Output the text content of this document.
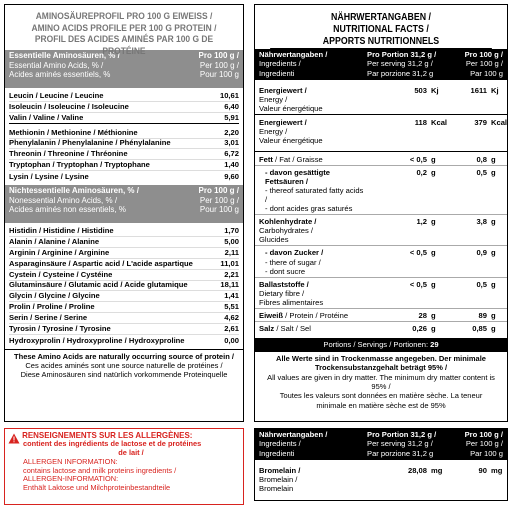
AMINOSÄUREPROFIL PRO 100 G EIWEISS /
AMINO ACIDS PROFILE PER 100 G PROTEIN /
PROFIL DES ACIDES AMINÉS PAR 100 G DE PROTÉINE
Essentielle Aminosäuren, % /
Essential Amino Acids, % /
Acides aminés essentiels, %
Pro 100 g /
Per 100 g /
Pour 100 g
Leucin / Leucine / Leucine	10,61
Isoleucin / Isoleucine / Isoleucine	6,40
Valin / Valine / Valine	5,91
Methionin / Methionine / Méthionine	2,20
Phenylalanin / Phenylalanine / Phénylalanine	3,01
Threonin / Threonine / Thréonine	6,72
Tryptophan / Tryptophan / Tryptophane	1,40
Lysin / Lysine / Lysine	9,60
Nichtessentielle Aminosäuren, % /
Nonessential Amino Acids, % /
Acides aminés non essentiels, %
Pro 100 g /
Per 100 g /
Pour 100 g
Histidin / Histidine / Histidine	1,70
Alanin / Alanine / Alanine	5,00
Arginin / Arginine / Arginine	2,11
Asparaginsäure / Aspartic acid / L'acide aspartique	11,01
Cystein / Cysteine / Cystéine	2,21
Glutaminsäure / Glutamic acid / Acide glutamique	18,11
Glycin / Glycine / Glycine	1,41
Prolin / Proline / Proline	5,51
Serin / Serine / Serine	4,62
Tyrosin / Tyrosine / Tyrosine	2,61
Hydroxyprolin / Hydroxyproline / Hydroxyproline	0,00
These Amino Acids are naturally occurring source of protein /
Ces acides aminés sont une source naturelle de protéines /
Diese Aminosäuren sind natürlich vorkommende Proteinquelle
NÄHRWERTANGABEN /
NUTRITIONAL FACTS /
APPORTS NUTRITIONNELS
Nährwertangaben /
Ingredients /
Ingredienti
Pro Portion 31,2 g /
Per serving 31,2 g /
Par porzione 31,2 g
Pro 100 g /
Per 100 g /
Par 100 g
Energiewert /
Energy /
Valeur énergétique
503 Kj	1611 Kj
Energiewert /
Energy /
Valeur énergétique
118 Kcal	379 Kcal
Fett / Fat / Graisse	< 0,5 g	0,8 g
- davon gesättigte Fettsäuren /
- thereof saturated fatty acids /
- dont acides gras saturés
0,2 g	0,5 g
Kohlenhydrate /
Carbohydrates /
Glucides
1,2 g	3,8 g
- davon Zucker /
- there of sugar /
- dont sucre
< 0,5 g	0,9 g
Ballaststoffe /
Dietary fibre /
Fibres alimentaires
< 0,5 g	0,5 g
Eiweiß / Protein / Protéine	28 g	89 g
Salz / Salt / Sel	0,26 g	0,85 g
Portions / Servings / Portionen: 29
Alle Werte sind in Trockenmasse angegeben. Der minimale
Trockensubstanzgehalt beträgt 95% /
All values are given in dry matter. The minimum dry matter content is 95% /
Toutes les valeurs sont données en matière sèche. La teneur
minimale en matière sèche est de 95%
RENSEIGNEMENTS SUR LES ALLERGÈNES:
contient des ingrédients de lactose et de protéines
de lait /
ALLERGEN INFORMATION:
contains lactose and milk proteins ingredients /
ALLERGEN-INFORMATION:
Enthält Laktose und Milchproteinbestandteile
Nährwertangaben /
Ingredients /
Ingredienti
Pro Portion 31,2 g /
Per serving 31,2 g /
Par porzione 31,2 g
Pro 100 g /
Per 100 g /
Par 100 g
Bromelain /
Bromelain /
Bromelain
28,08 mg	90 mg
